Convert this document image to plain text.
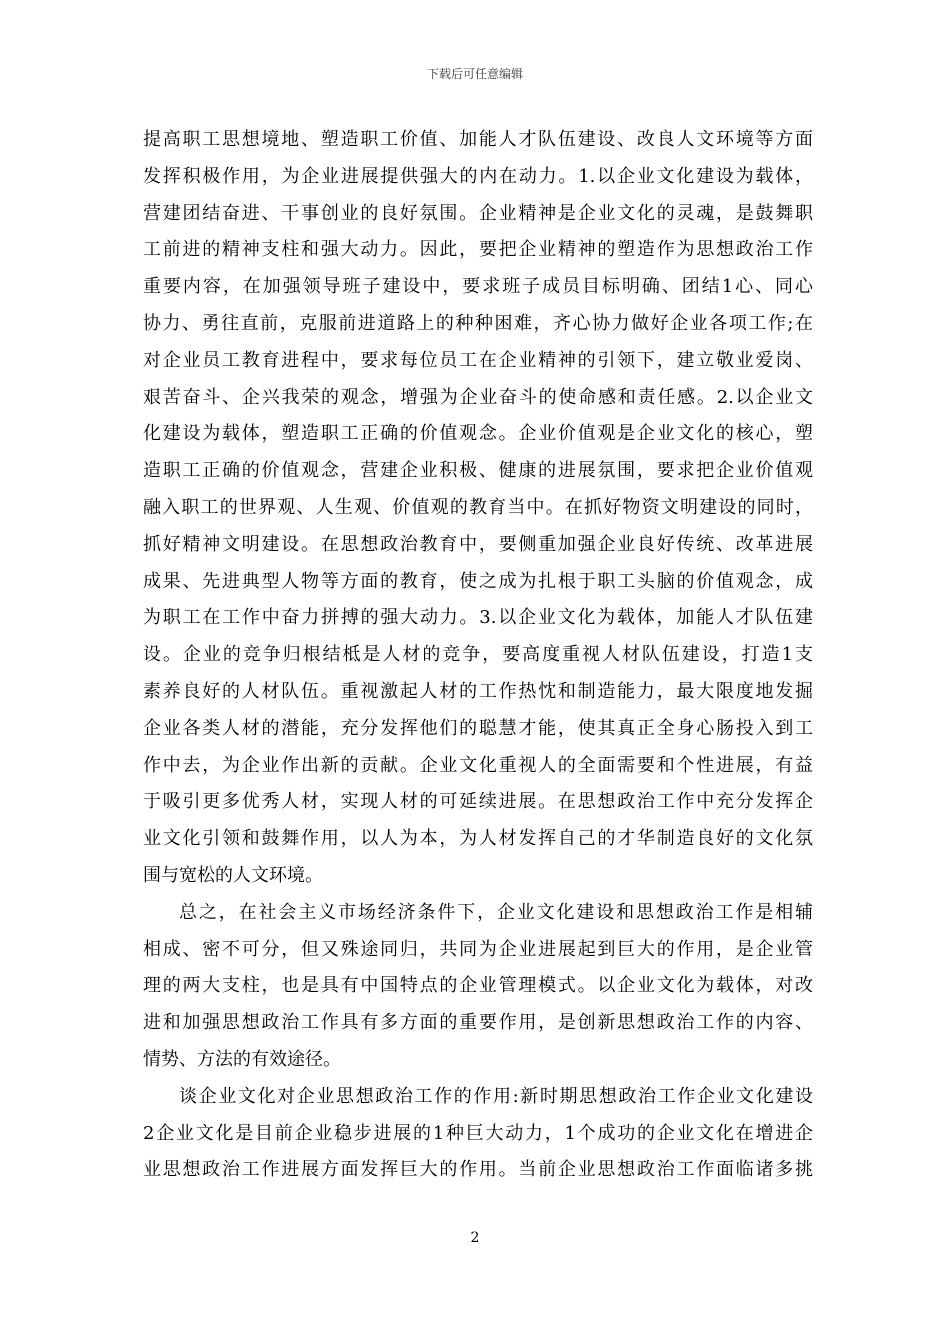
下载后可任意编辑
提高职工思想境地、塑造职工价值、加能人才队伍建设、改良人文环境等方面
发挥积极作用，为企业进展提供强大的内在动力。1.以企业文化建设为载体，
营建团结奋进、干事创业的良好氛围。企业精神是企业文化的灵魂，是鼓舞职
工前进的精神支柱和强大动力。因此，要把企业精神的塑造作为思想政治工作
重要内容，在加强领导班子建设中，要求班子成员目标明确、团结1心、同心
协力、勇往直前，克服前进道路上的种种困难，齐心协力做好企业各项工作;在
对企业员工教育进程中，要求每位员工在企业精神的引领下，建立敬业爱岗、
艰苦奋斗、企兴我荣的观念，增强为企业奋斗的使命感和责任感。2.以企业文
化建设为载体，塑造职工正确的价值观念。企业价值观是企业文化的核心，塑
造职工正确的价值观念，营建企业积极、健康的进展氛围，要求把企业价值观
融入职工的世界观、人生观、价值观的教育当中。在抓好物资文明建设的同时，
抓好精神文明建设。在思想政治教育中，要侧重加强企业良好传统、改革进展
成果、先进典型人物等方面的教育，使之成为扎根于职工头脑的价值观念，成
为职工在工作中奋力拼搏的强大动力。3.以企业文化为载体，加能人才队伍建
设。企业的竞争归根结柢是人材的竞争，要高度重视人材队伍建设，打造1支
素养良好的人材队伍。重视激起人材的工作热忱和制造能力，最大限度地发掘
企业各类人材的潜能，充分发挥他们的聪慧才能，使其真正全身心肠投入到工
作中去，为企业作出新的贡献。企业文化重视人的全面需要和个性进展，有益
于吸引更多优秀人材，实现人材的可延续进展。在思想政治工作中充分发挥企
业文化引领和鼓舞作用，以人为本，为人材发挥自己的才华制造良好的文化氛
围与宽松的人文环境。
总之，在社会主义市场经济条件下，企业文化建设和思想政治工作是相辅
相成、密不可分，但又殊途同归，共同为企业进展起到巨大的作用，是企业管
理的两大支柱，也是具有中国特点的企业管理模式。以企业文化为载体，对改
进和加强思想政治工作具有多方面的重要作用，是创新思想政治工作的内容、
情势、方法的有效途径。
谈企业文化对企业思想政治工作的作用:新时期思想政治工作企业文化建设
2企业文化是目前企业稳步进展的1种巨大动力，1个成功的企业文化在增进企
业思想政治工作进展方面发挥巨大的作用。当前企业思想政治工作面临诸多挑
2
